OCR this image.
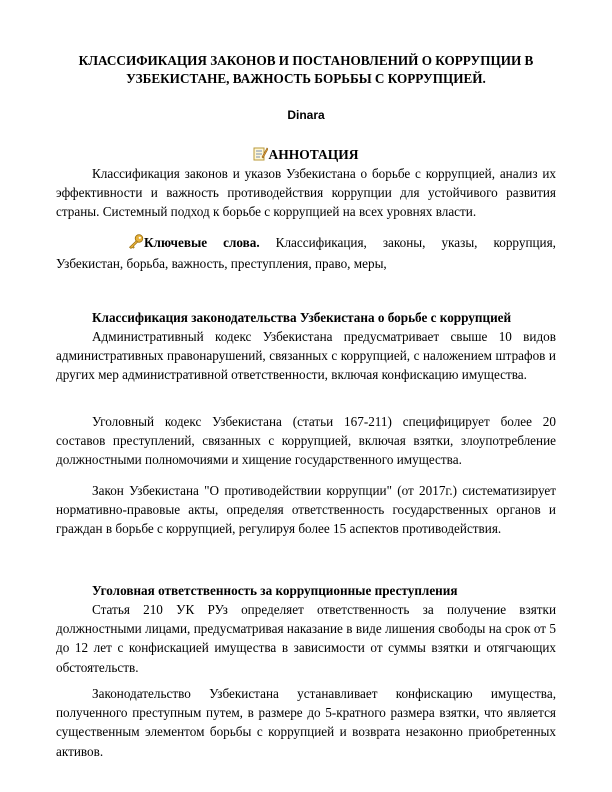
КЛАССИФИКАЦИЯ ЗАКОНОВ И ПОСТАНОВЛЕНИЙ О КОРРУПЦИИ В УЗБЕКИСТАНЕ, ВАЖНОСТЬ БОРЬБЫ С КОРРУПЦИЕЙ.
Dinara
АННОТАЦИЯ
Классификация законов и указов Узбекистана о борьбе с коррупцией, анализ их эффективности и важность противодействия коррупции для устойчивого развития страны. Системный подход к борьбе с коррупцией на всех уровнях власти.
Ключевые слова. Классификация, законы, указы, коррупция, Узбекистан, борьба, важность, преступления, право, меры,
Классификация законодательства Узбекистана о борьбе с коррупцией
Административный кодекс Узбекистана предусматривает свыше 10 видов административных правонарушений, связанных с коррупцией, с наложением штрафов и других мер административной ответственности, включая конфискацию имущества.
Уголовный кодекс Узбекистана (статьи 167-211) специфицирует более 20 составов преступлений, связанных с коррупцией, включая взятки, злоупотребление должностными полномочиями и хищение государственного имущества.
Закон Узбекистана "О противодействии коррупции" (от 2017г.) систематизирует нормативно-правовые акты, определяя ответственность государственных органов и граждан в борьбе с коррупцией, регулируя более 15 аспектов противодействия.
Уголовная ответственность за коррупционные преступления
Статья 210 УК РУз определяет ответственность за получение взятки должностными лицами, предусматривая наказание в виде лишения свободы на срок от 5 до 12 лет с конфискацией имущества в зависимости от суммы взятки и отягчающих обстоятельств.
Законодательство Узбекистана устанавливает конфискацию имущества, полученного преступным путем, в размере до 5-кратного размера взятки, что является существенным элементом борьбы с коррупцией и возврата незаконно приобретенных активов.
